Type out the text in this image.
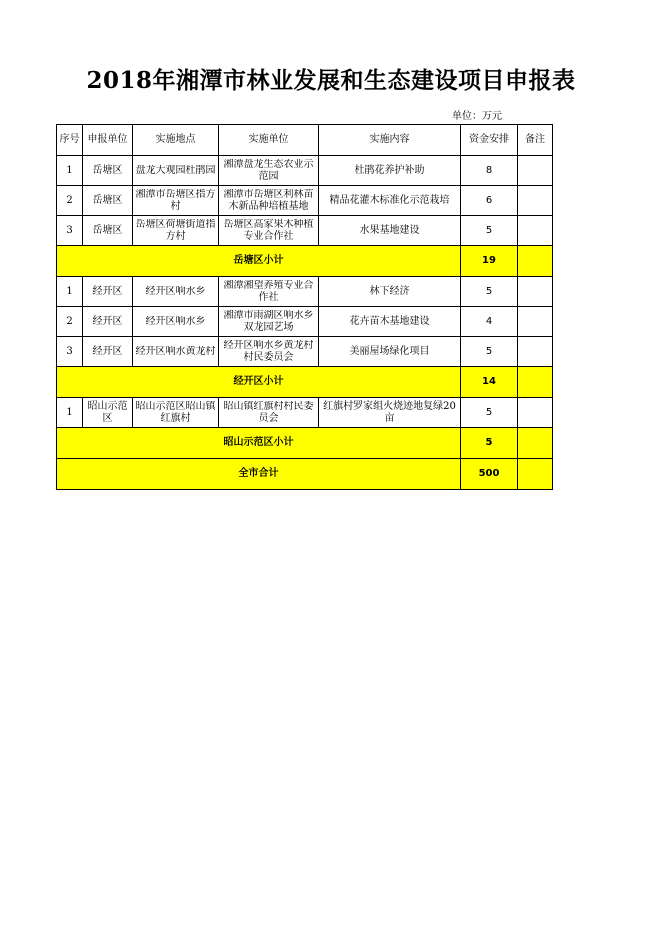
2018年湘潭市林业发展和生态建设项目申报表
单位：万元
序号	申报单位	实施地点	实施单位	实施内容	资金安排	备注
1	岳塘区	盘龙大观园杜鹃园	湘潭盘龙生态农业示范园	杜鹃花养护补助	8	
2	岳塘区	湘潭市岳塘区指方村	湘潭市岳塘区利林苗木新品种培植基地	精品花灌木标准化示范栽培	6	
3	岳塘区	岳塘区荷塘街道指方村	岳塘区高家果木种植专业合作社	水果基地建设	5	
岳塘区小计					19	
1	经开区	经开区响水乡	湘潭湘望养殖专业合作社	林下经济	5	
2	经开区	经开区响水乡	湘潭市雨湖区响水乡双龙园艺场	花卉苗木基地建设	4	
3	经开区	经开区响水黄龙村	经开区响水乡黄龙村村民委员会	美丽屋场绿化项目	5	
经开区小计					14	
1	昭山示范区	昭山示范区昭山镇红旗村	昭山镇红旗村村民委员会	红旗村罗家组火烧迹地复绿20亩	5	
昭山示范区小计					5	
全市合计					500	
